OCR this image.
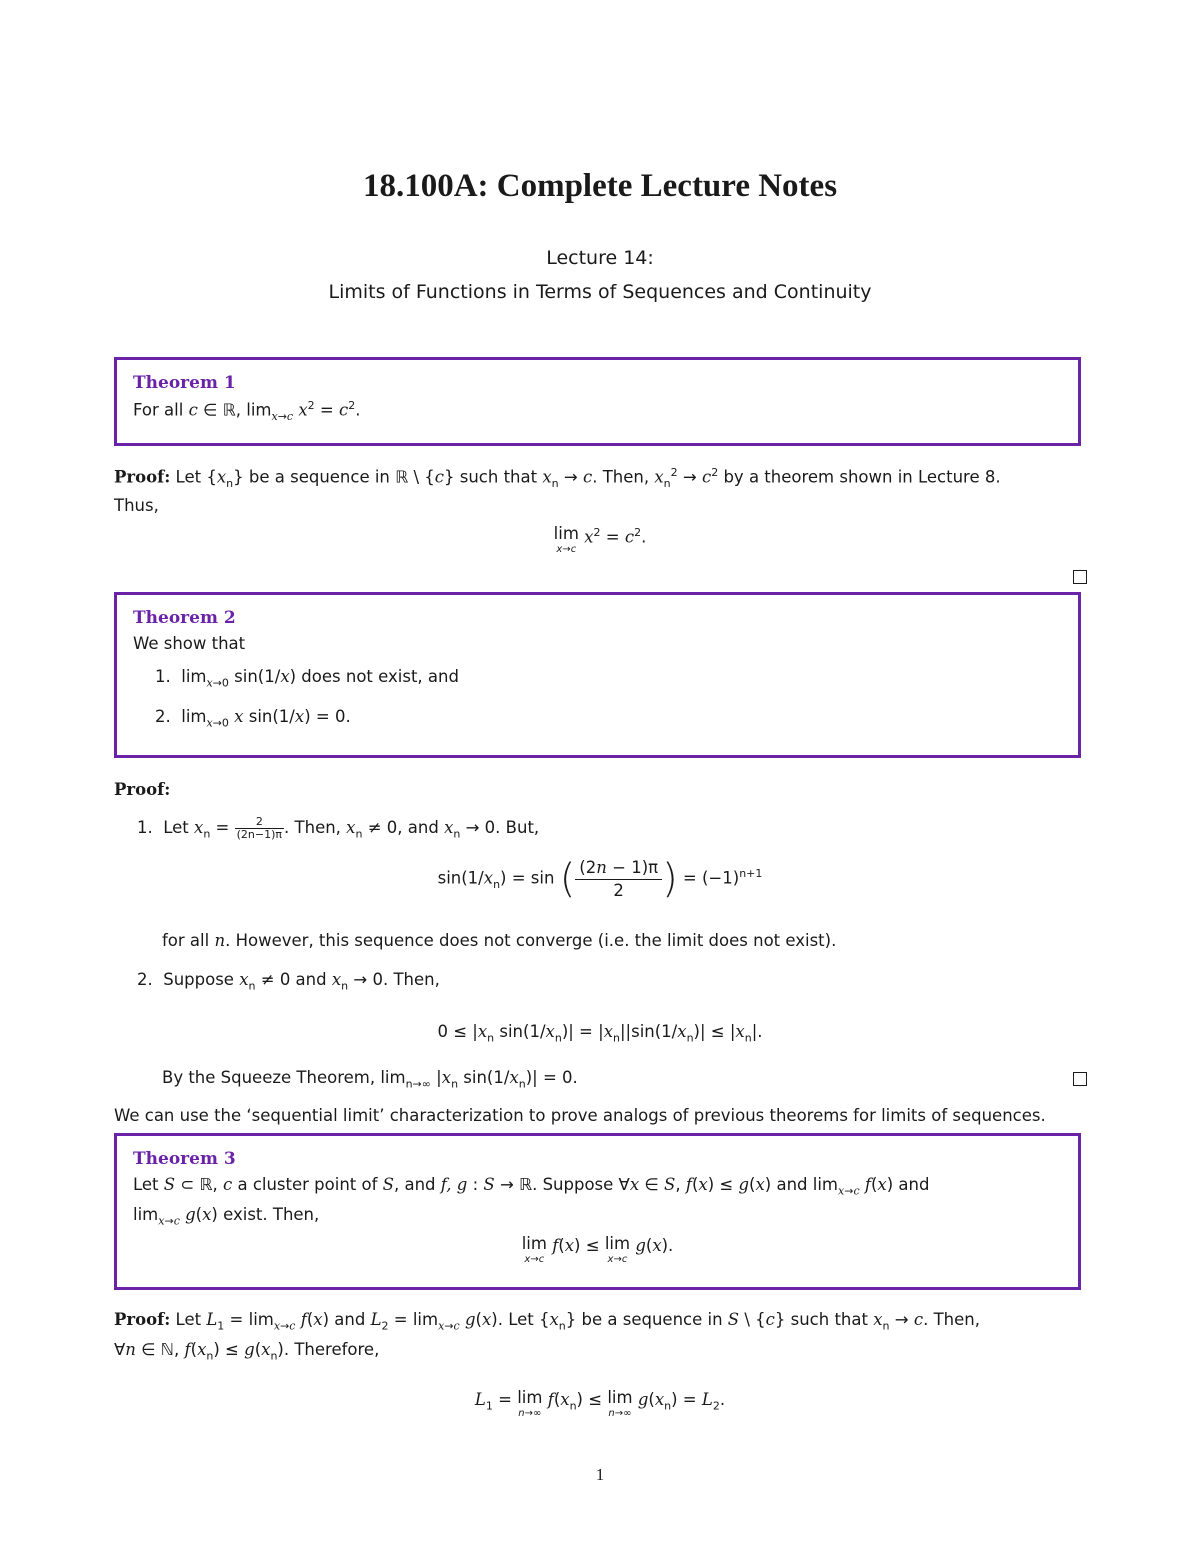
18.100A: Complete Lecture Notes
Lecture 14:
Limits of Functions in Terms of Sequences and Continuity
Theorem 1
For all c ∈ ℝ, $\lim_{x\to c} x^2 = c^2$.
Proof: Let $\{x_n\}$ be a sequence in ℝ \ {c} such that $x_n \to c$. Then, $x_n^2 \to c^2$ by a theorem shown in Lecture 8.
Thus,
lim
x→c
$x^2 = c^2$.
Theorem 2
We show that
1.  $\lim_{x\to 0} \sin(1/x)$ does not exist, and
2.  $\lim_{x\to 0} x$ sin(1/x) = 0.
Proof:
1.  Let $x_n = \frac{2}{(2n-1)\pi}$ . Then, $x_n \ne 0$, and $x_n \to 0$. But,
$\sin(1/x_n) = \sin$ ( $\frac{(2n - 1)\pi}{2}$ ) = $(-1)^{n+1}$
for all n. However, this sequence does not converge (i.e. the limit does not exist).
2.  Suppose $x_n \ne 0$ and $x_n \to 0$. Then,
$0 \le |x_n$ $\sin(1/x_n)| = |x_n||\sin(1/x_n)| \le |x_n|$.
By the Squeeze Theorem, $\lim_{n\to\infty} |x_n$ $\sin(1/x_n)| = 0$.
We can use the ‘sequential limit’ characterization to prove analogs of previous theorems for limits of sequences.
Theorem 3
Let S ⊂ ℝ, c a cluster point of S, and f, g : S → ℝ. Suppose ∀x ∈ S, f(x) ≤ g(x) and $\lim_{x\to c} f(x)$ and
$\lim_{x\to c} g(x)$ exist. Then,
lim
x→c
f(x) ≤ lim
x→c
g(x).
Proof: Let $L_1 = \lim_{x\to c} f(x)$ and $L_2 = \lim_{x\to c} g(x)$. Let $\{x_n\}$ be a sequence in S \ {c} such that $x_n \to c$. Then,
∀n ∈ ℕ, $f(x_n) \le g(x_n)$. Therefore,
$L_1 = \lim$
n→∞
$f(x_n) \le \lim$
n→∞
$g(x_n) = L_2$.
1
